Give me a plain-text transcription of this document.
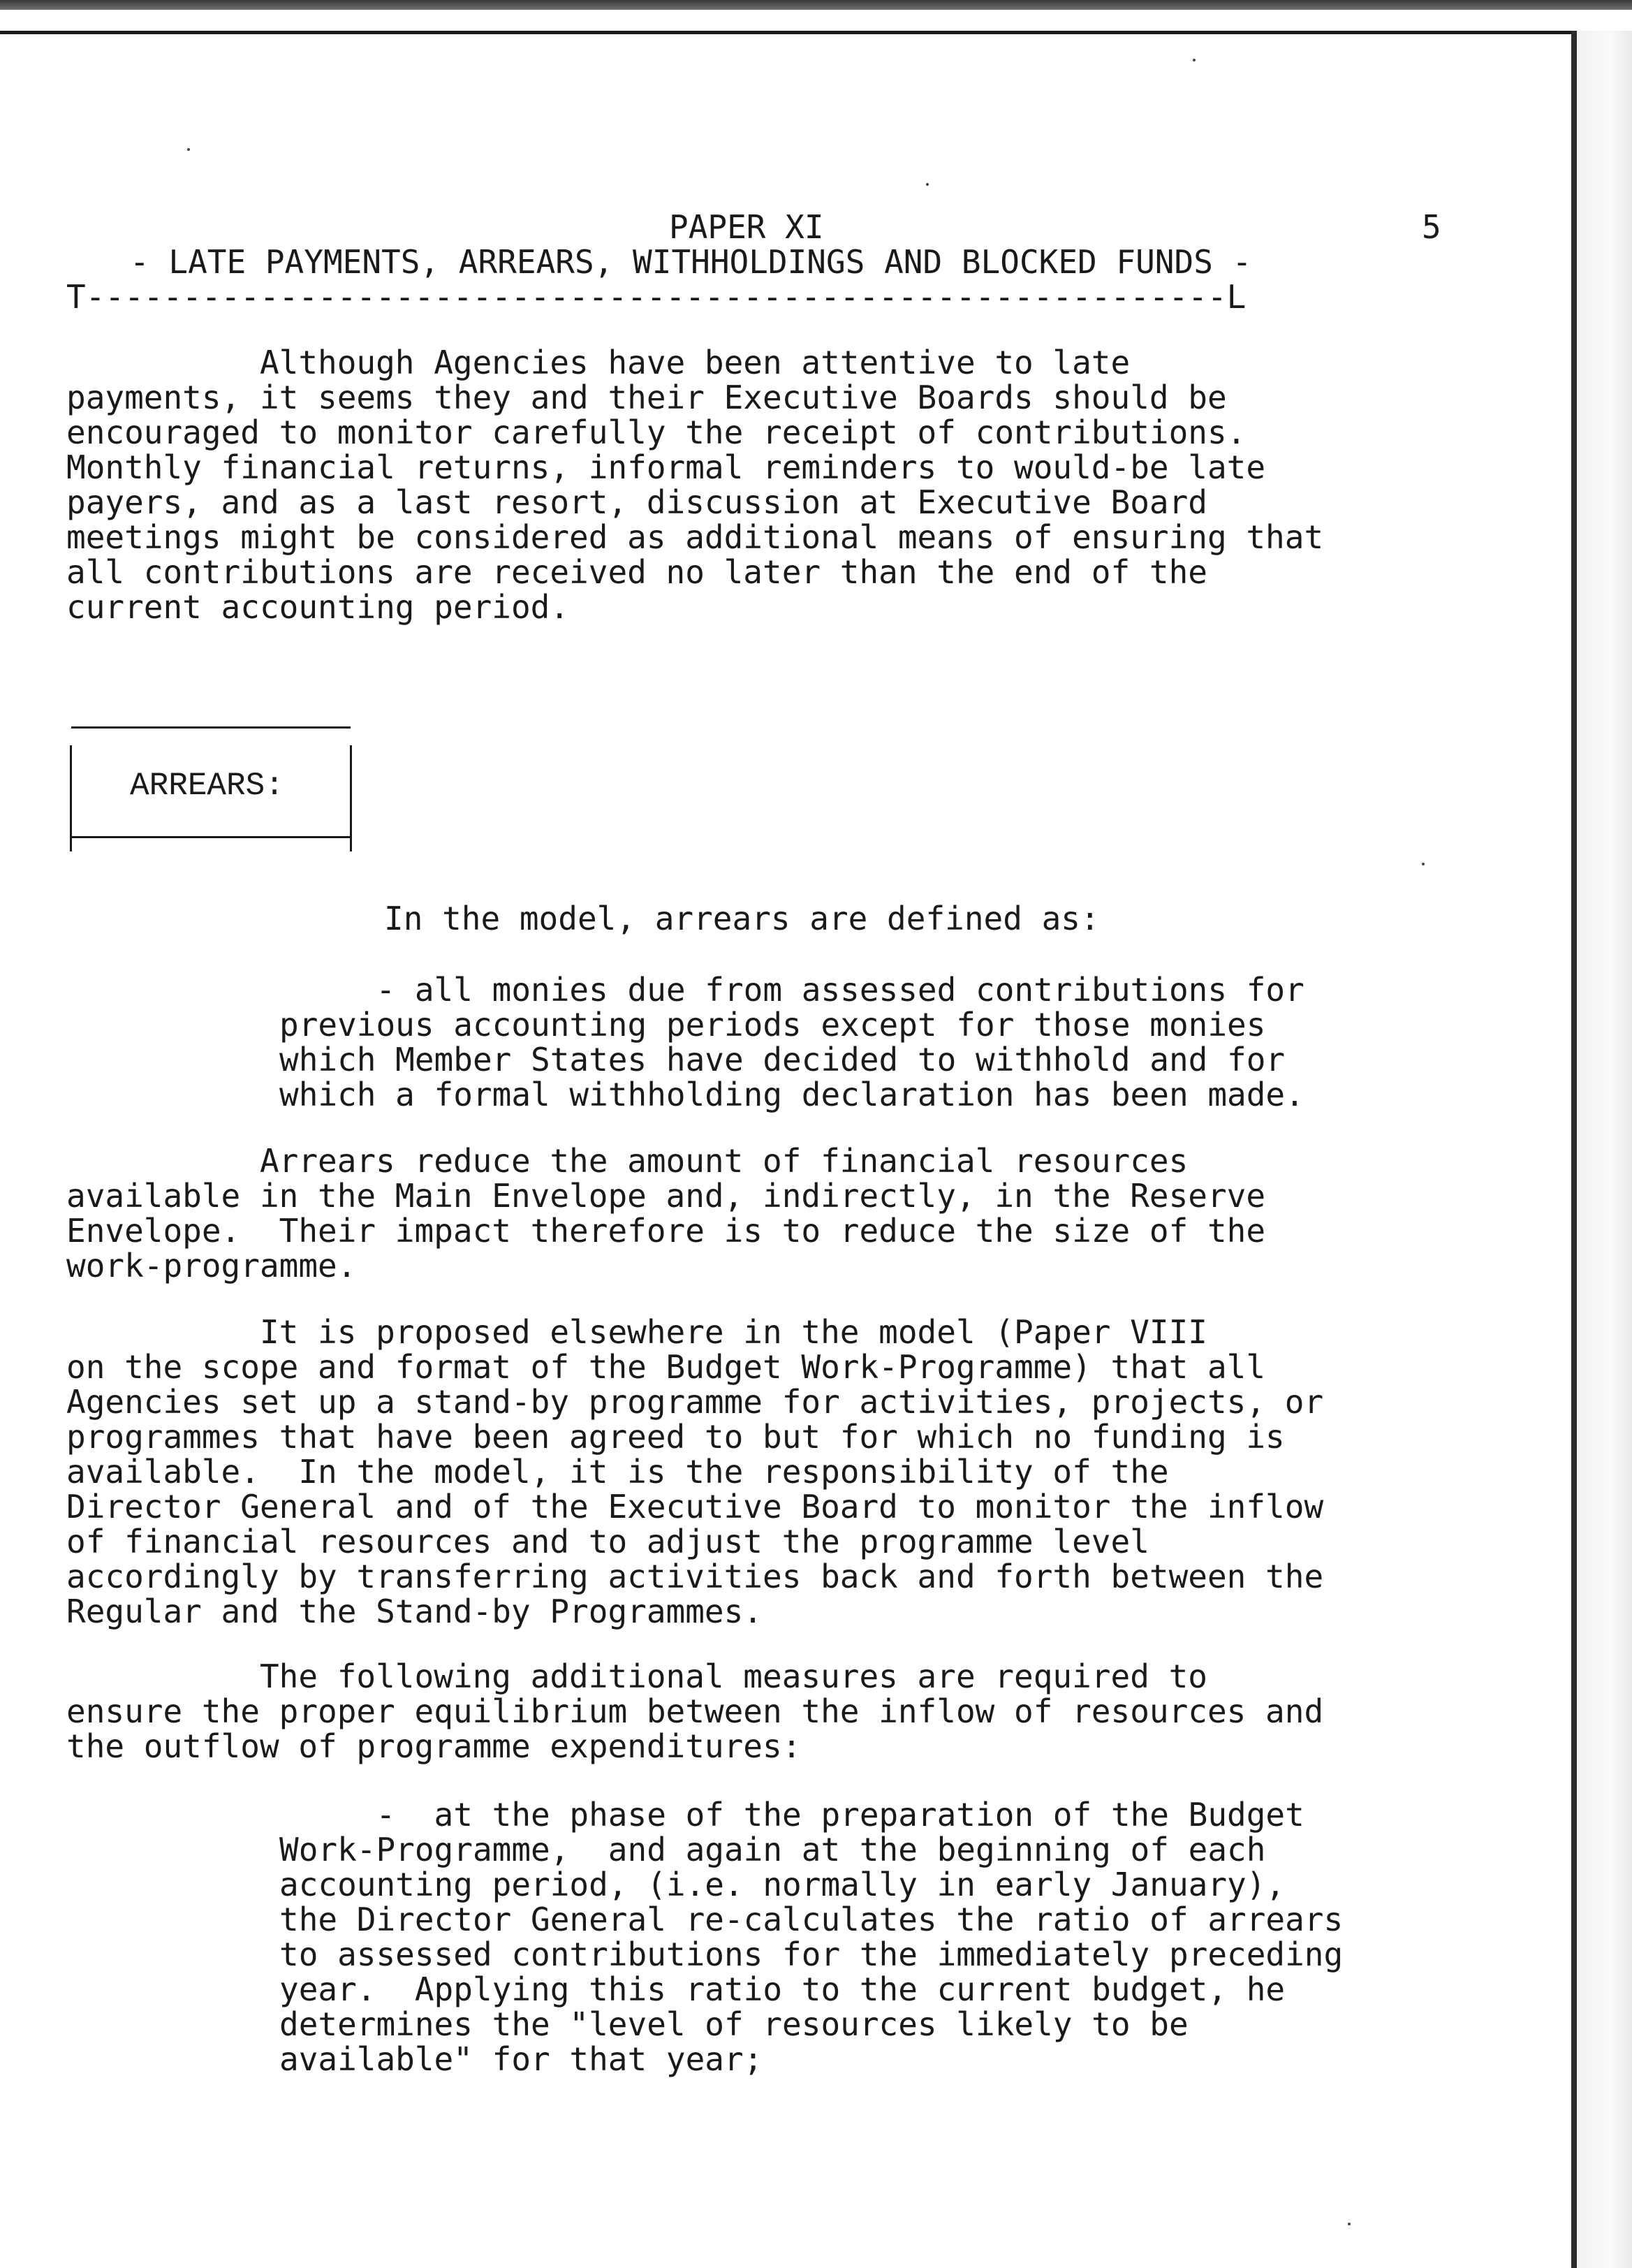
PAPER XI	5
- LATE PAYMENTS, ARREARS, WITHHOLDINGS AND BLOCKED FUNDS -
T-----------------------------------------------------------L
Although Agencies have been attentive to late
payments, it seems they and their Executive Boards should be
encouraged to monitor carefully the receipt of contributions.
Monthly financial returns, informal reminders to would-be late
payers, and as a last resort, discussion at Executive Board
meetings might be considered as additional means of ensuring that
all contributions are received no later than the end of the
current accounting period.
ARREARS:
In the model, arrears are defined as:
- all monies due from assessed contributions for
previous accounting periods except for those monies
which Member States have decided to withhold and for
which a formal withholding declaration has been made.
Arrears reduce the amount of financial resources
available in the Main Envelope and, indirectly, in the Reserve
Envelope.  Their impact therefore is to reduce the size of the
work-programme.
It is proposed elsewhere in the model (Paper VIII
on the scope and format of the Budget Work-Programme) that all
Agencies set up a stand-by programme for activities, projects, or
programmes that have been agreed to but for which no funding is
available.  In the model, it is the responsibility of the
Director General and of the Executive Board to monitor the inflow
of financial resources and to adjust the programme level
accordingly by transferring activities back and forth between the
Regular and the Stand-by Programmes.
The following additional measures are required to
ensure the proper equilibrium between the inflow of resources and
the outflow of programme expenditures:
-  at the phase of the preparation of the Budget
Work-Programme,  and again at the beginning of each
accounting period, (i.e. normally in early January),
the Director General re-calculates the ratio of arrears
to assessed contributions for the immediately preceding
year.  Applying this ratio to the current budget, he
determines the "level of resources likely to be
available" for that year;
